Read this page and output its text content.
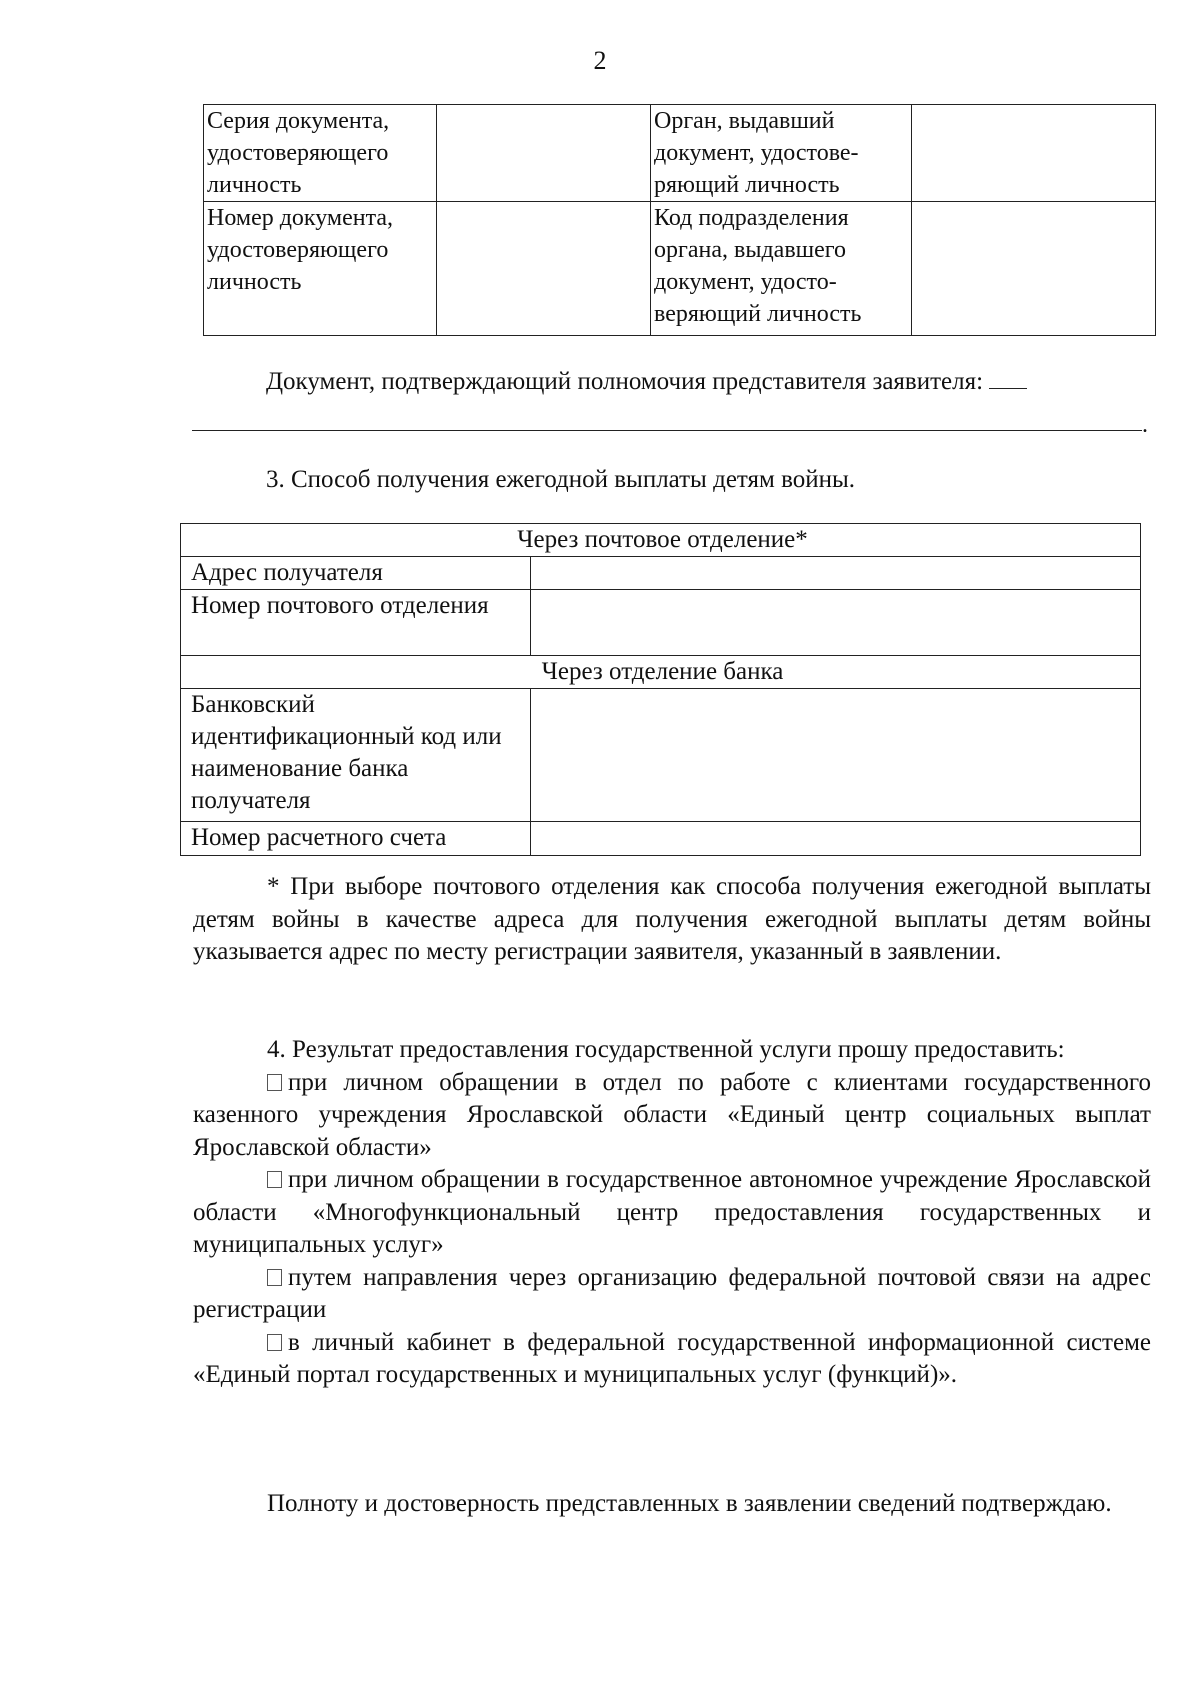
2
Серия документа, удостоверяющего личность		Орган, выдавший документ, удостове-ряющий личность	
Номер документа, удостоверяющего личность		Код подразделения органа, выдавшего документ, удосто-веряющий личность	
Документ, подтверждающий полномочия представителя заявителя:
.
3. Способ получения ежегодной выплаты детям войны.
Через почтовое отделение*	
Адрес получателя	
Номер почтового отделения	
Через отделение банка	
Банковский идентификационный код или наименование банка получателя	
Номер расчетного счета	
* При выборе почтового отделения как способа получения ежегодной выплаты детям войны в качестве адреса для получения ежегодной выплаты детям войны указывается адрес по месту регистрации заявителя, указанный в заявлении.
4. Результат предоставления государственной услуги прошу предоставить:
при личном обращении в отдел по работе с клиентами государственного казенного учреждения Ярославской области «Единый центр социальных выплат Ярославской области»
при личном обращении в государственное автономное учреждение Ярославской области «Многофункциональный центр предоставления государственных и муниципальных услуг»
путем направления через организацию федеральной почтовой связи на адрес регистрации
в личный кабинет в федеральной государственной информационной системе «Единый портал государственных и муниципальных услуг (функций)».
Полноту и достоверность представленных в заявлении сведений подтверждаю.
